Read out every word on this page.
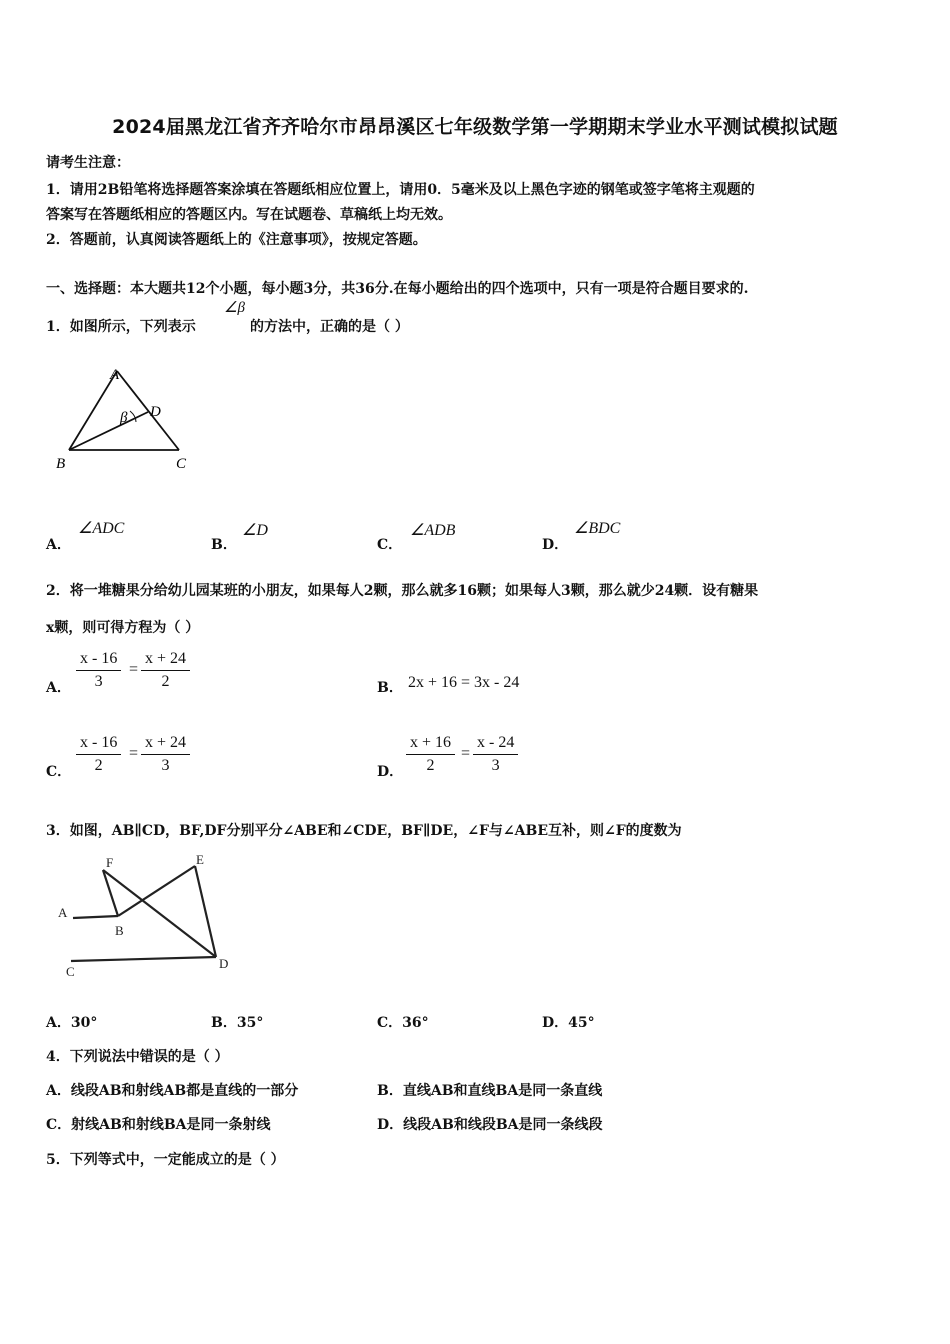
2024届黑龙江省齐齐哈尔市昂昂溪区七年级数学第一学期期末学业水平测试模拟试题
请考生注意：
1．请用2B铅笔将选择题答案涂填在答题纸相应位置上，请用0．5毫米及以上黑色字迹的钢笔或签字笔将主观题的
答案写在答题纸相应的答题区内。写在试题卷、草稿纸上均无效。
2．答题前，认真阅读答题纸上的《注意事项》，按规定答题。
一、选择题：本大题共12个小题，每小题3分，共36分.在每小题给出的四个选项中，只有一项是符合题目要求的.
1．如图所示，下列表示
∠β
的方法中，正确的是（ ）
A
B	C
D
β
A．
∠ADC
B．
∠D
C．
∠ADB
D．
∠BDC
2．将一堆糖果分给幼儿园某班的小朋友，如果每人2颗，那么就多16颗；如果每人3颗，那么就少24颗．设有糖果
x颗，则可得方程为（ ）
A． $\frac{x - 16}{3} = \frac{x + 24}{2}$	B． 2x + 16 = 3x - 24
C． $\frac{x - 16}{2} = \frac{x + 24}{3}$	D． $\frac{x + 16}{2} = \frac{x - 24}{3}$
3．如图，AB∥CD，BF,DF分别平分∠ABE和∠CDE，BF∥DE，∠F与∠ABE互补，则∠F的度数为
A
B
C
D
E
F
A．30°	B．35°	C．36°	D．45°
4．下列说法中错误的是（ ）
A．线段AB和射线AB都是直线的一部分	B．直线AB和直线BA是同一条直线
C．射线AB和射线BA是同一条射线	D．线段AB和线段BA是同一条线段
5．下列等式中，一定能成立的是（ ）
